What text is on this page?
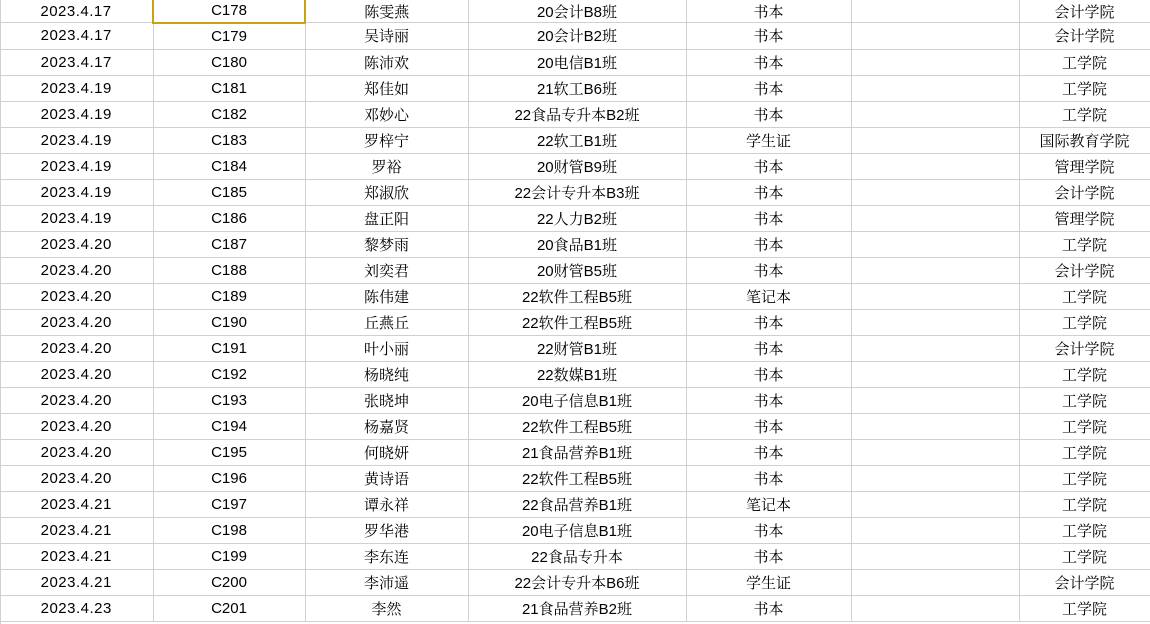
2023.4.17	C178	陈雯燕	20会计B8班	书本		会计学院
2023.4.17	C179	吴诗丽	20会计B2班	书本		会计学院
2023.4.17	C180	陈沛欢	20电信B1班	书本		工学院
2023.4.19	C181	郑佳如	21软工B6班	书本		工学院
2023.4.19	C182	邓妙心	22食品专升本B2班	书本		工学院
2023.4.19	C183	罗梓宁	22软工B1班	学生证		国际教育学院
2023.4.19	C184	罗裕	20财管B9班	书本		管理学院
2023.4.19	C185	郑淑欣	22会计专升本B3班	书本		会计学院
2023.4.19	C186	盘正阳	22人力B2班	书本		管理学院
2023.4.20	C187	黎梦雨	20食品B1班	书本		工学院
2023.4.20	C188	刘奕君	20财管B5班	书本		会计学院
2023.4.20	C189	陈伟建	22软件工程B5班	笔记本		工学院
2023.4.20	C190	丘燕丘	22软件工程B5班	书本		工学院
2023.4.20	C191	叶小丽	22财管B1班	书本		会计学院
2023.4.20	C192	杨晓纯	22数媒B1班	书本		工学院
2023.4.20	C193	张晓坤	20电子信息B1班	书本		工学院
2023.4.20	C194	杨嘉贤	22软件工程B5班	书本		工学院
2023.4.20	C195	何晓妍	21食品营养B1班	书本		工学院
2023.4.20	C196	黄诗语	22软件工程B5班	书本		工学院
2023.4.21	C197	谭永祥	22食品营养B1班	笔记本		工学院
2023.4.21	C198	罗华港	20电子信息B1班	书本		工学院
2023.4.21	C199	李东连	22食品专升本	书本		工学院
2023.4.21	C200	李沛遥	22会计专升本B6班	学生证		会计学院
2023.4.23	C201	李然	21食品营养B2班	书本		工学院
